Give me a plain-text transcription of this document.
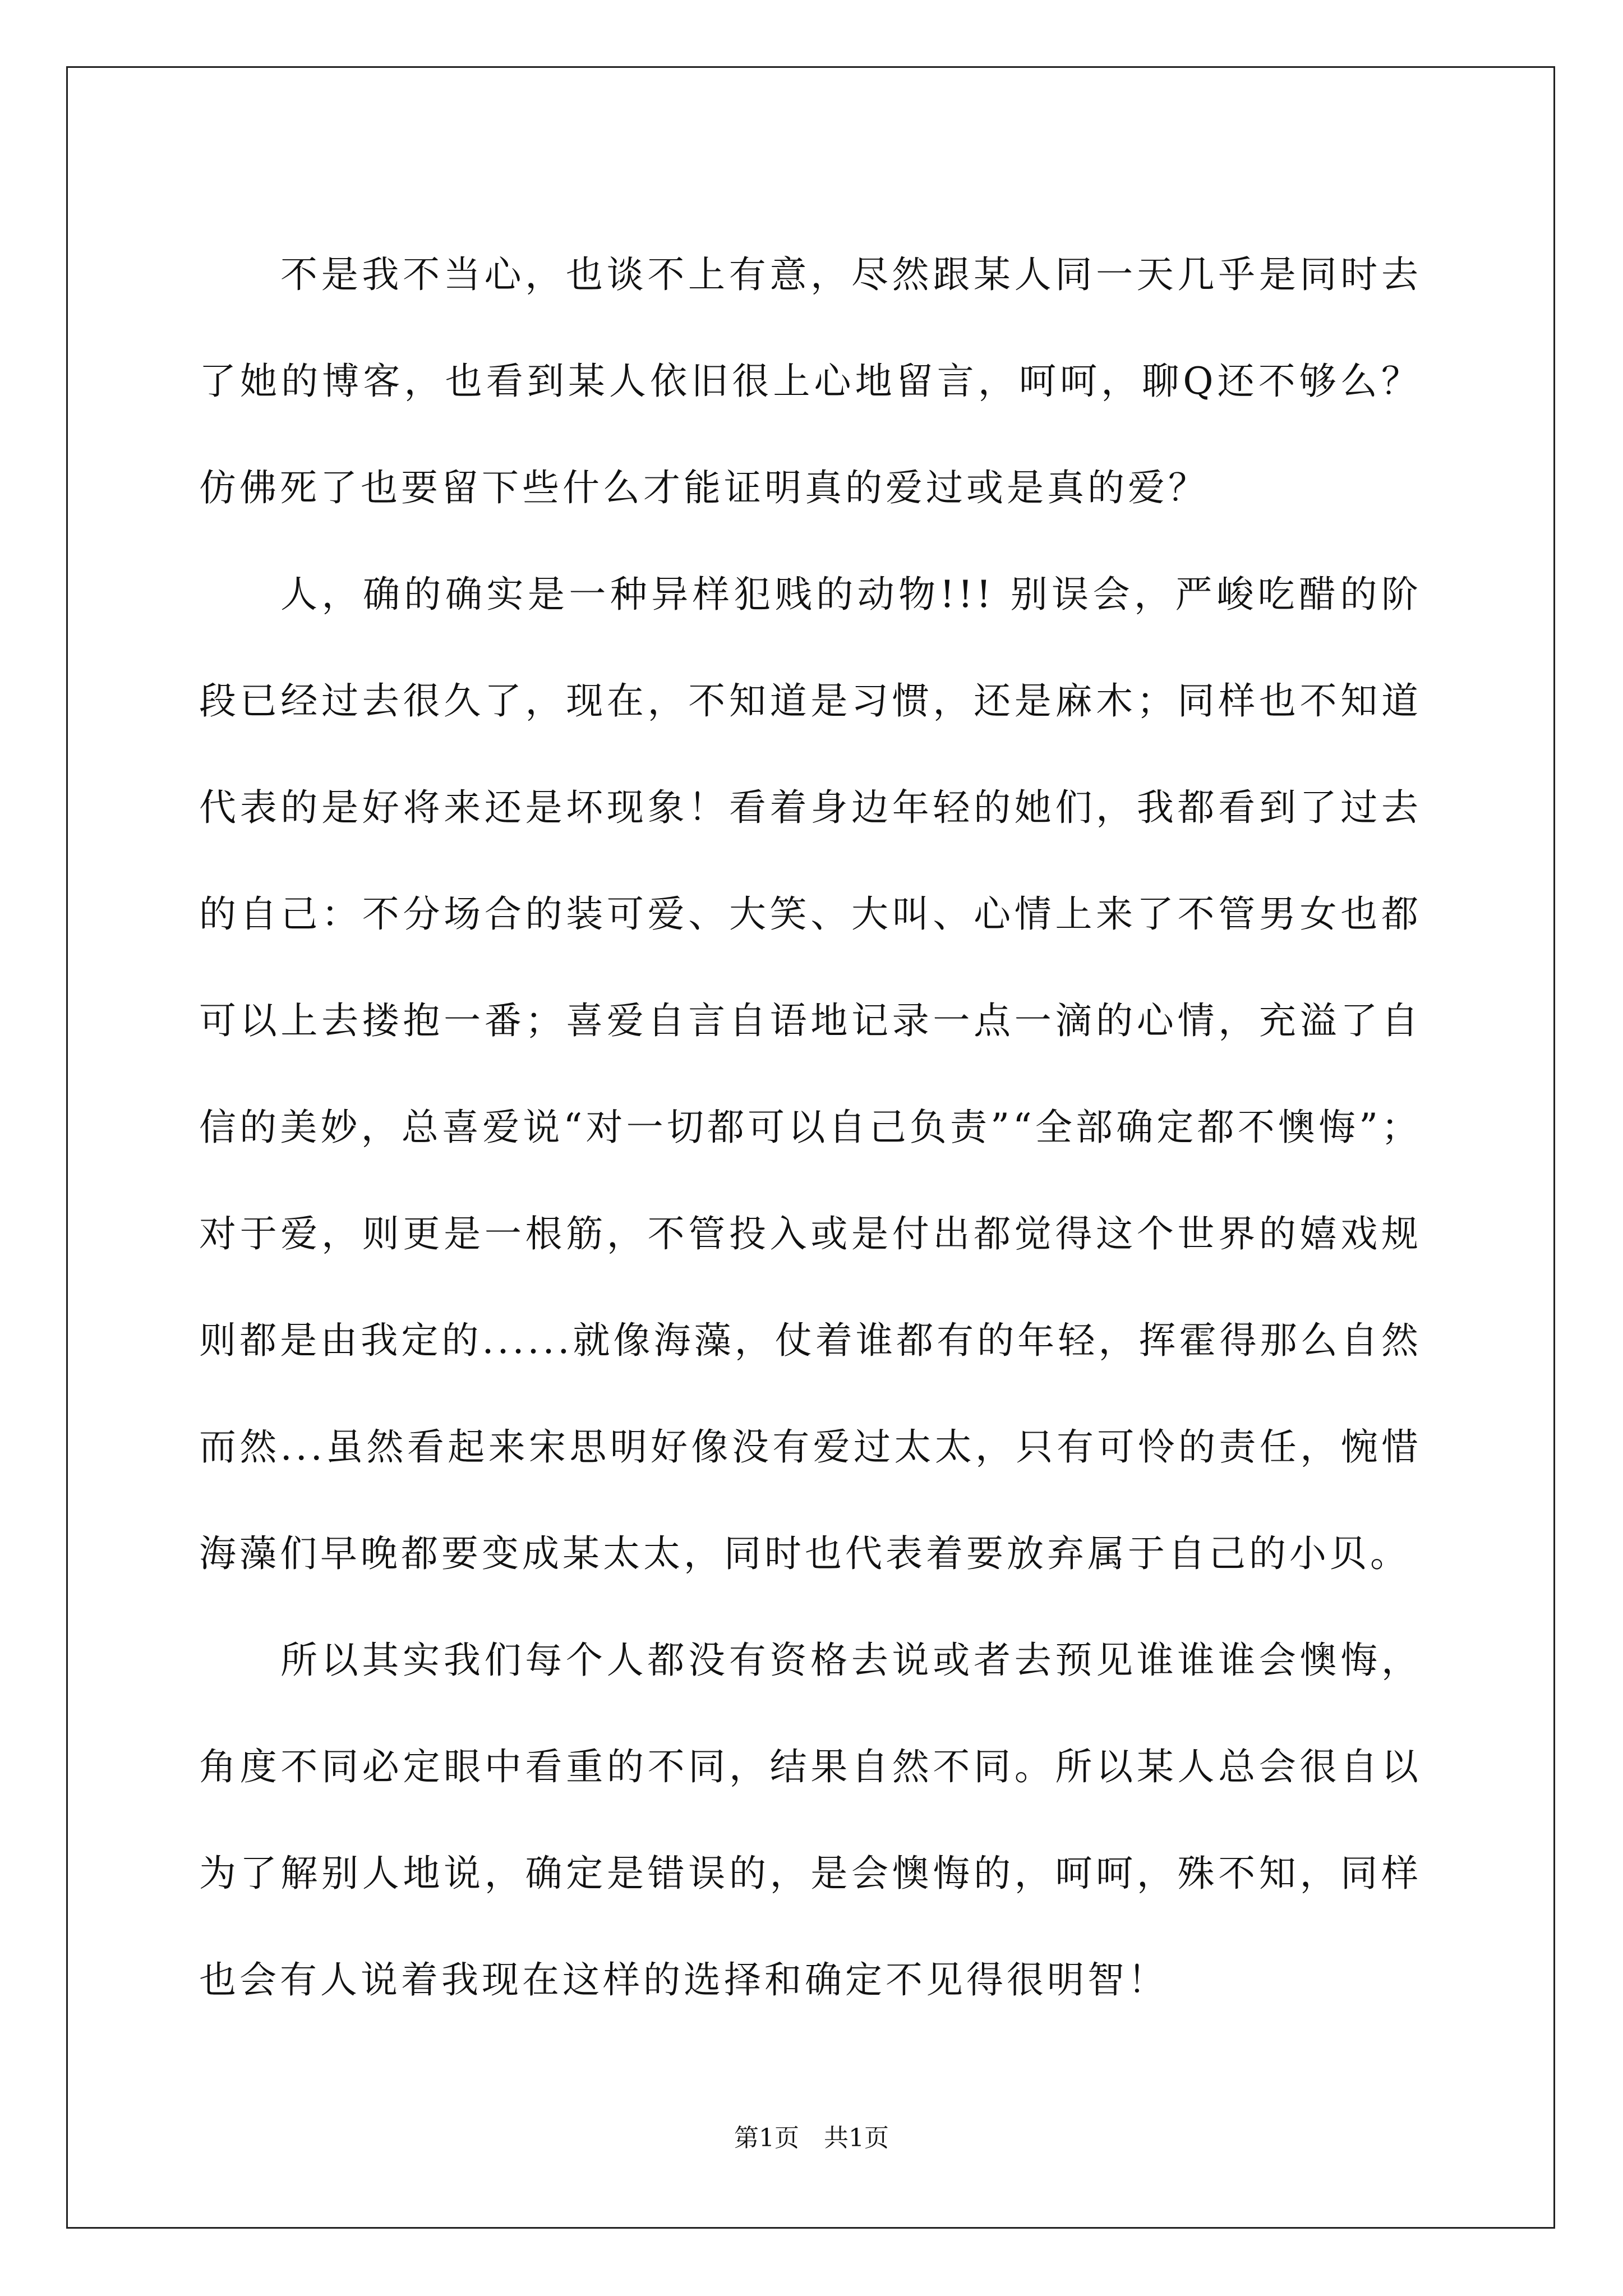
不是我不当心，也谈不上有意，尽然跟某人同一天几乎是同时去了她的博客，也看到某人依旧很上心地留言，呵呵，聊Q还不够么？仿佛死了也要留下些什么才能证明真的爱过或是真的爱？

人，确的确实是一种异样犯贱的动物!!! 别误会，严峻吃醋的阶段已经过去很久了，现在，不知道是习惯，还是麻木；同样也不知道代表的是好将来还是坏现象！看着身边年轻的她们，我都看到了过去的自己：不分场合的装可爱、大笑、大叫、心情上来了不管男女也都可以上去搂抱一番；喜爱自言自语地记录一点一滴的心情，充溢了自信的美妙，总喜爱说“对一切都可以自己负责”“全部确定都不懊悔”；对于爱，则更是一根筋，不管投入或是付出都觉得这个世界的嬉戏规则都是由我定的......就像海藻，仗着谁都有的年轻，挥霍得那么自然而然...虽然看起来宋思明好像没有爱过太太，只有可怜的责任，惋惜海藻们早晚都要变成某太太，同时也代表着要放弃属于自己的小贝。

所以其实我们每个人都没有资格去说或者去预见谁谁谁会懊悔，角度不同必定眼中看重的不同，结果自然不同。所以某人总会很自以为了解别人地说，确定是错误的，是会懊悔的，呵呵，殊不知，同样也会有人说着我现在这样的选择和确定不见得很明智！

第1页　共1页
